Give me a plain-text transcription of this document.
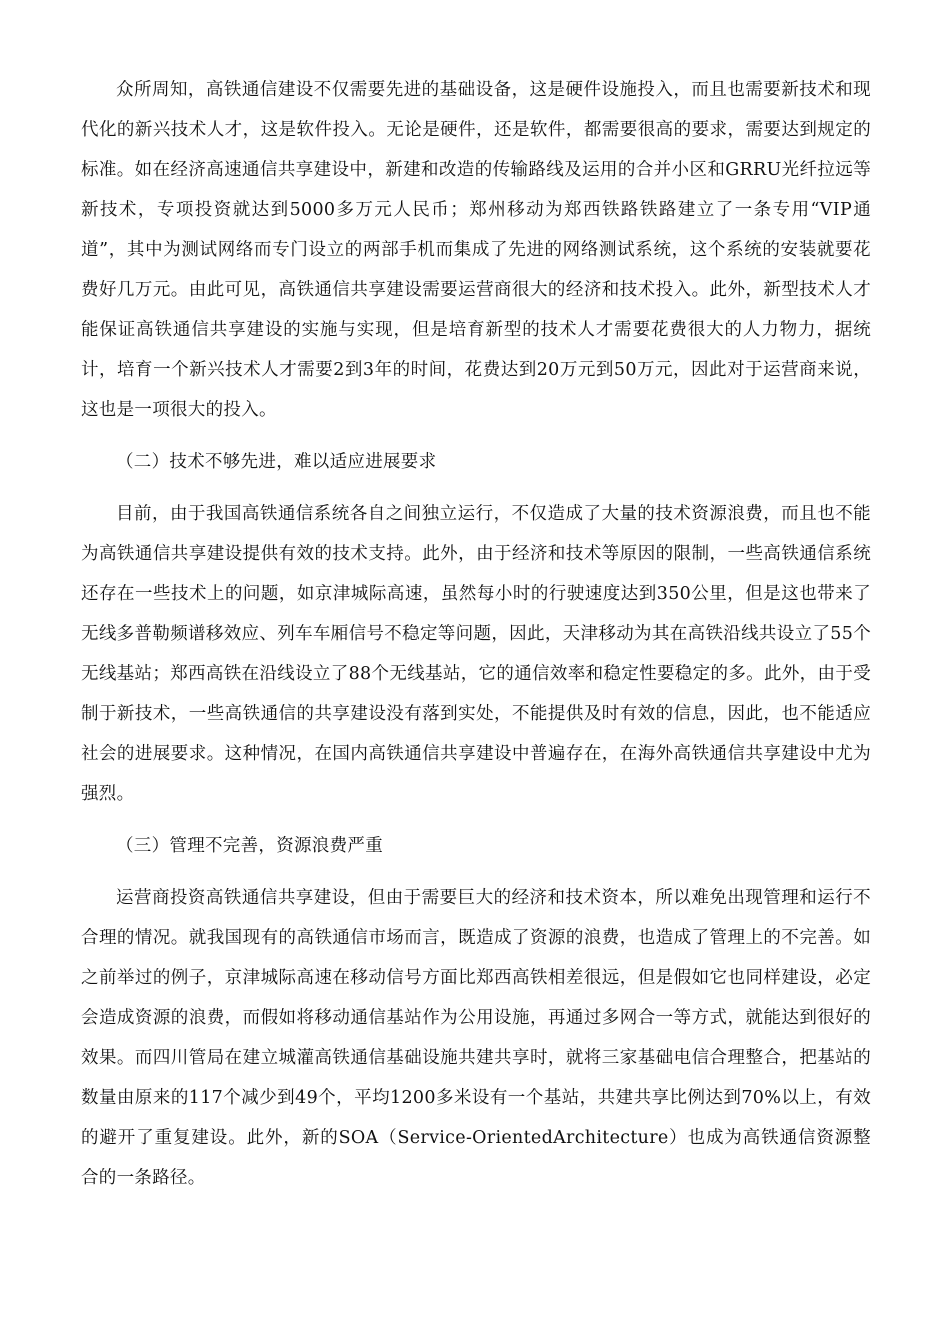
众所周知，高铁通信建设不仅需要先进的基础设备，这是硬件设施投入，而且也需要新技术和现代化的新兴技术人才，这是软件投入。无论是硬件，还是软件，都需要很高的要求，需要达到规定的标准。如在经济高速通信共享建设中，新建和改造的传输路线及运用的合并小区和GRRU光纤拉远等新技术，专项投资就达到5000多万元人民币；郑州移动为郑西铁路铁路建立了一条专用“VIP通道”，其中为测试网络而专门设立的两部手机而集成了先进的网络测试系统，这个系统的安装就要花费好几万元。由此可见，高铁通信共享建设需要运营商很大的经济和技术投入。此外，新型技术人才能保证高铁通信共享建设的实施与实现，但是培育新型的技术人才需要花费很大的人力物力，据统计，培育一个新兴技术人才需要2到3年的时间，花费达到20万元到50万元，因此对于运营商来说，这也是一项很大的投入。

（二）技术不够先进，难以适应进展要求

目前，由于我国高铁通信系统各自之间独立运行，不仅造成了大量的技术资源浪费，而且也不能为高铁通信共享建设提供有效的技术支持。此外，由于经济和技术等原因的限制，一些高铁通信系统还存在一些技术上的问题，如京津城际高速，虽然每小时的行驶速度达到350公里，但是这也带来了无线多普勒频谱移效应、列车车厢信号不稳定等问题，因此，天津移动为其在高铁沿线共设立了55个无线基站；郑西高铁在沿线设立了88个无线基站，它的通信效率和稳定性要稳定的多。此外，由于受制于新技术，一些高铁通信的共享建设没有落到实处，不能提供及时有效的信息，因此，也不能适应社会的进展要求。这种情况，在国内高铁通信共享建设中普遍存在，在海外高铁通信共享建设中尤为强烈。

（三）管理不完善，资源浪费严重

运营商投资高铁通信共享建设，但由于需要巨大的经济和技术资本，所以难免出现管理和运行不合理的情况。就我国现有的高铁通信市场而言，既造成了资源的浪费，也造成了管理上的不完善。如之前举过的例子，京津城际高速在移动信号方面比郑西高铁相差很远，但是假如它也同样建设，必定会造成资源的浪费，而假如将移动通信基站作为公用设施，再通过多网合一等方式，就能达到很好的效果。而四川管局在建立城灌高铁通信基础设施共建共享时，就将三家基础电信合理整合，把基站的数量由原来的117个减少到49个，平均1200多米设有一个基站，共建共享比例达到70%以上，有效的避开了重复建设。此外，新的SOA（Service-OrientedArchitecture）也成为高铁通信资源整合的一条路径。
